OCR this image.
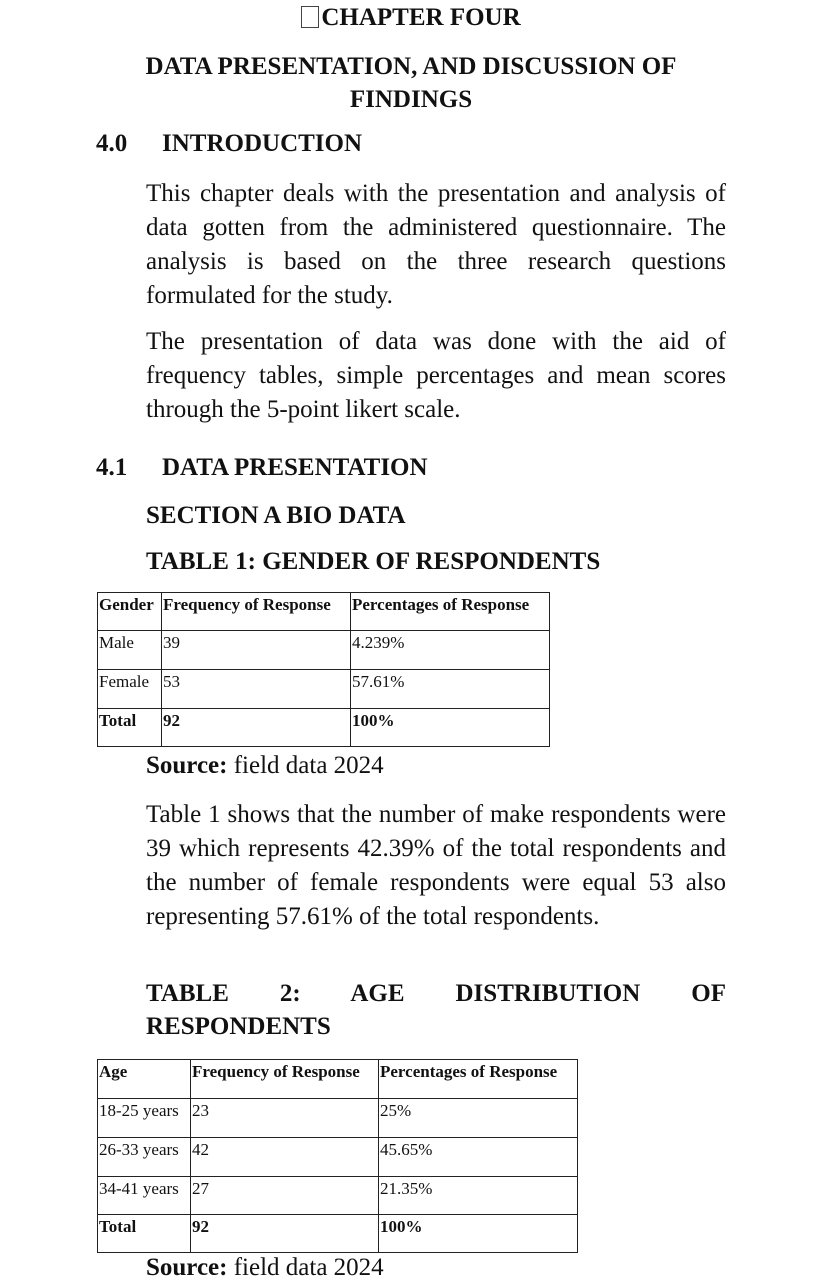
CHAPTER FOUR
DATA PRESENTATION, AND DISCUSSION OF FINDINGS
4.0 INTRODUCTION
This chapter deals with the presentation and analysis of data gotten from the administered questionnaire. The analysis is based on the three research questions formulated for the study.
The presentation of data was done with the aid of frequency tables, simple percentages and mean scores through the 5-point likert scale.
4.1 DATA PRESENTATION
SECTION A BIO DATA
TABLE 1: GENDER OF RESPONDENTS
Gender	Frequency of Response	Percentages of Response
Male	39	4.239%
Female	53	57.61%
Total	92	100%
Source: field data 2024
Table 1 shows that the number of make respondents were 39 which represents 42.39% of the total respondents and the number of female respondents were equal 53 also representing 57.61% of the total respondents.
TABLE 2: AGE DISTRIBUTION OF
RESPONDENTS
Age	Frequency of Response	Percentages of Response
18-25 years	23	25%
26-33 years	42	45.65%
34-41 years	27	21.35%
Total	92	100%
Source: field data 2024
